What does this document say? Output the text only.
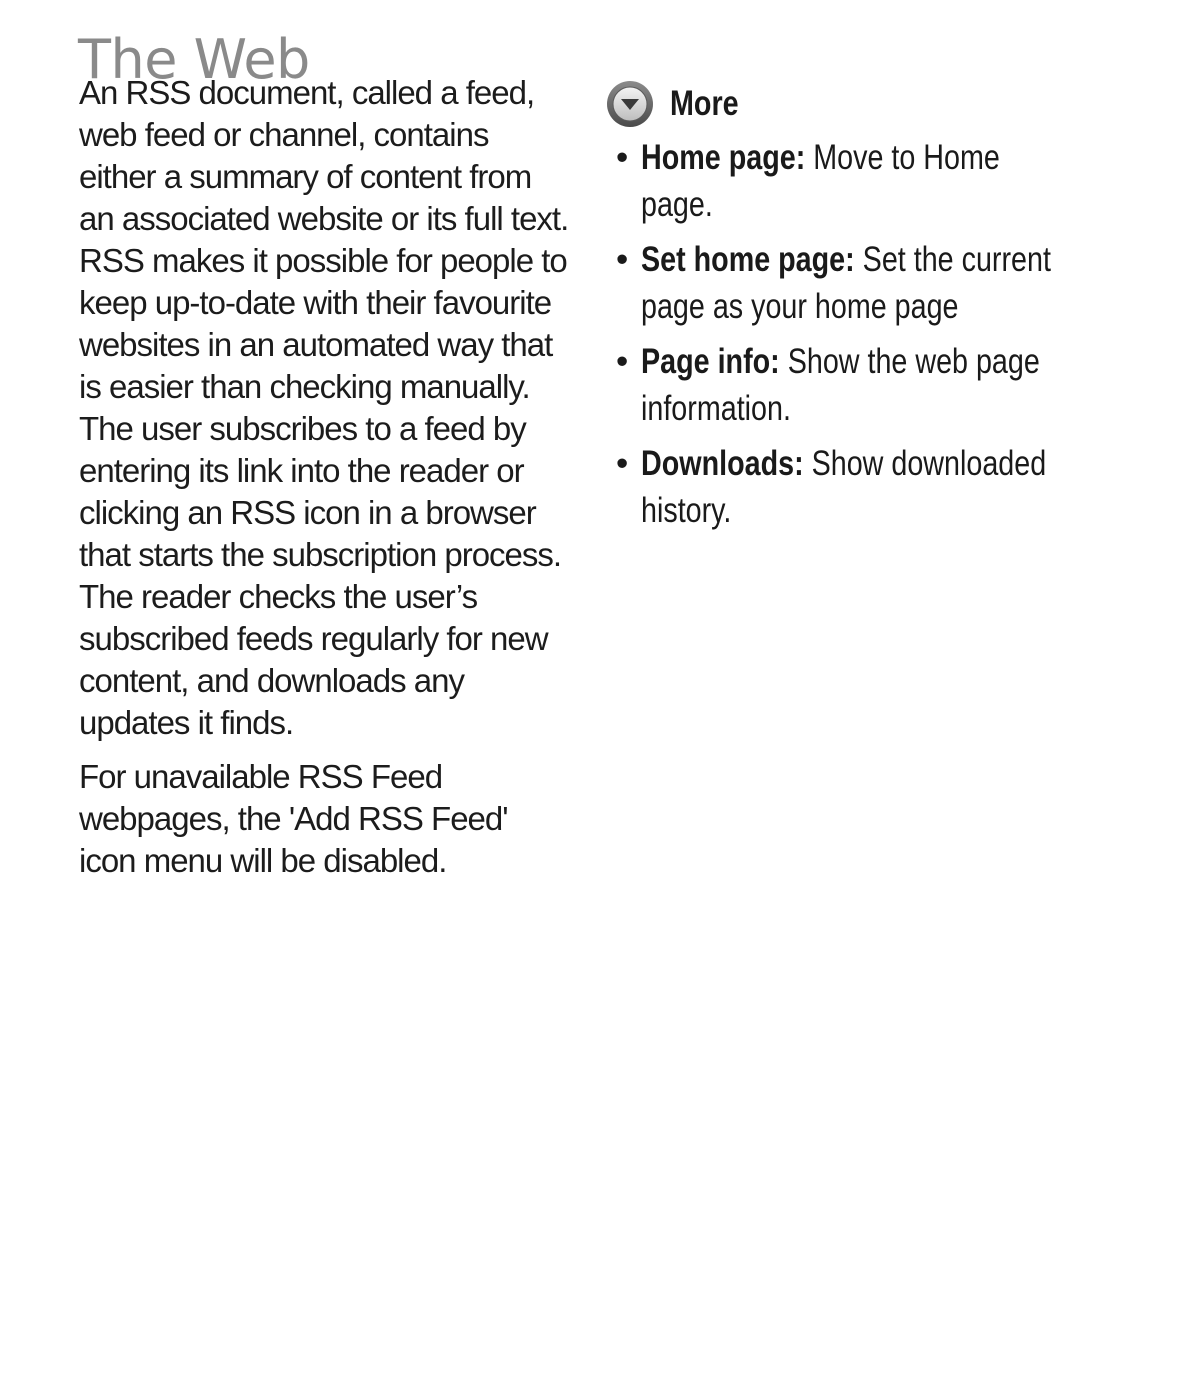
The Web

An RSS document, called a feed, web feed or channel, contains either a summary of content from an associated website or its full text. RSS makes it possible for people to keep up-to-date with their favourite websites in an automated way that is easier than checking manually. The user subscribes to a feed by entering its link into the reader or clicking an RSS icon in a browser that starts the subscription process. The reader checks the user’s subscribed feeds regularly for new content, and downloads any updates it finds.

For unavailable RSS Feed webpages, the 'Add RSS Feed' icon menu will be disabled.

More
• Home page: Move to Home page.
• Set home page: Set the current page as your home page
• Page info: Show the web page information.
• Downloads: Show downloaded history.
